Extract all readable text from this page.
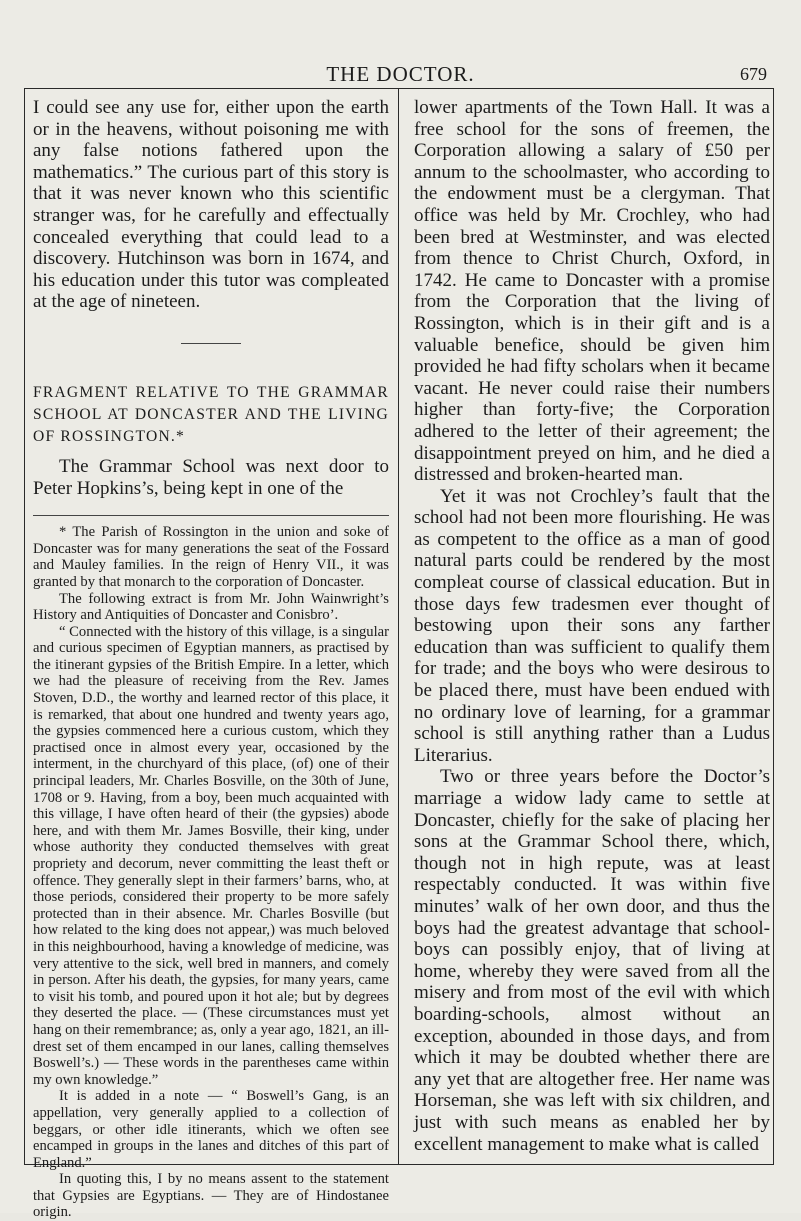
THE DOCTOR.	679

I could see any use for, either upon the earth or in the heavens, without poisoning me with any false notions fathered upon the mathematics.” The curious part of this story is that it was never known who this scientific stranger was, for he carefully and effectually concealed everything that could lead to a discovery. Hutchinson was born in 1674, and his education under this tutor was compleated at the age of nineteen.

FRAGMENT RELATIVE TO THE GRAMMAR SCHOOL AT DONCASTER AND THE LIVING OF ROSSINGTON.*

The Grammar School was next door to Peter Hopkins’s, being kept in one of the

* The Parish of Rossington in the union and soke of Doncaster was for many generations the seat of the Fossard and Mauley families. In the reign of Henry VII., it was granted by that monarch to the corporation of Doncaster.

The following extract is from Mr. John Wainwright’s History and Antiquities of Doncaster and Conisbro’.

“ Connected with the history of this village, is a singular and curious specimen of Egyptian manners, as practised by the itinerant gypsies of the British Empire. In a letter, which we had the pleasure of receiving from the Rev. James Stoven, D.D., the worthy and learned rector of this place, it is remarked, that about one hundred and twenty years ago, the gypsies commenced here a curious custom, which they practised once in almost every year, occasioned by the interment, in the churchyard of this place, (of) one of their principal leaders, Mr. Charles Bosville, on the 30th of June, 1708 or 9. Having, from a boy, been much acquainted with this village, I have often heard of their (the gypsies) abode here, and with them Mr. James Bosville, their king, under whose authority they conducted themselves with great propriety and decorum, never committing the least theft or offence. They generally slept in their farmers’ barns, who, at those periods, considered their property to be more safely protected than in their absence. Mr. Charles Bosville (but how related to the king does not appear,) was much beloved in this neighbourhood, having a knowledge of medicine, was very attentive to the sick, well bred in manners, and comely in person. After his death, the gypsies, for many years, came to visit his tomb, and poured upon it hot ale; but by degrees they deserted the place. — (These circumstances must yet hang on their remembrance; as, only a year ago, 1821, an ill-drest set of them encamped in our lanes, calling themselves Boswell’s.) — These words in the parentheses came within my own knowledge.”

It is added in a note — “ Boswell’s Gang, is an appellation, very generally applied to a collection of beggars, or other idle itinerants, which we often see encamped in groups in the lanes and ditches of this part of England.”

In quoting this, I by no means assent to the statement that Gypsies are Egyptians. — They are of Hindostanee origin.

lower apartments of the Town Hall. It was a free school for the sons of freemen, the Corporation allowing a salary of £50 per annum to the schoolmaster, who according to the endowment must be a clergyman. That office was held by Mr. Crochley, who had been bred at Westminster, and was elected from thence to Christ Church, Oxford, in 1742. He came to Doncaster with a promise from the Corporation that the living of Rossington, which is in their gift and is a valuable benefice, should be given him provided he had fifty scholars when it became vacant. He never could raise their numbers higher than forty-five; the Corporation adhered to the letter of their agreement; the disappointment preyed on him, and he died a distressed and broken-hearted man.

Yet it was not Crochley’s fault that the school had not been more flourishing. He was as competent to the office as a man of good natural parts could be rendered by the most compleat course of classical education. But in those days few tradesmen ever thought of bestowing upon their sons any farther education than was sufficient to qualify them for trade; and the boys who were desirous to be placed there, must have been endued with no ordinary love of learning, for a grammar school is still anything rather than a Ludus Literarius.

Two or three years before the Doctor’s marriage a widow lady came to settle at Doncaster, chiefly for the sake of placing her sons at the Grammar School there, which, though not in high repute, was at least respectably conducted. It was within five minutes’ walk of her own door, and thus the boys had the greatest advantage that school-boys can possibly enjoy, that of living at home, whereby they were saved from all the misery and from most of the evil with which boarding-schools, almost without an exception, abounded in those days, and from which it may be doubted whether there are any yet that are altogether free. Her name was Horseman, she was left with six children, and just with such means as enabled her by excellent management to make what is called
